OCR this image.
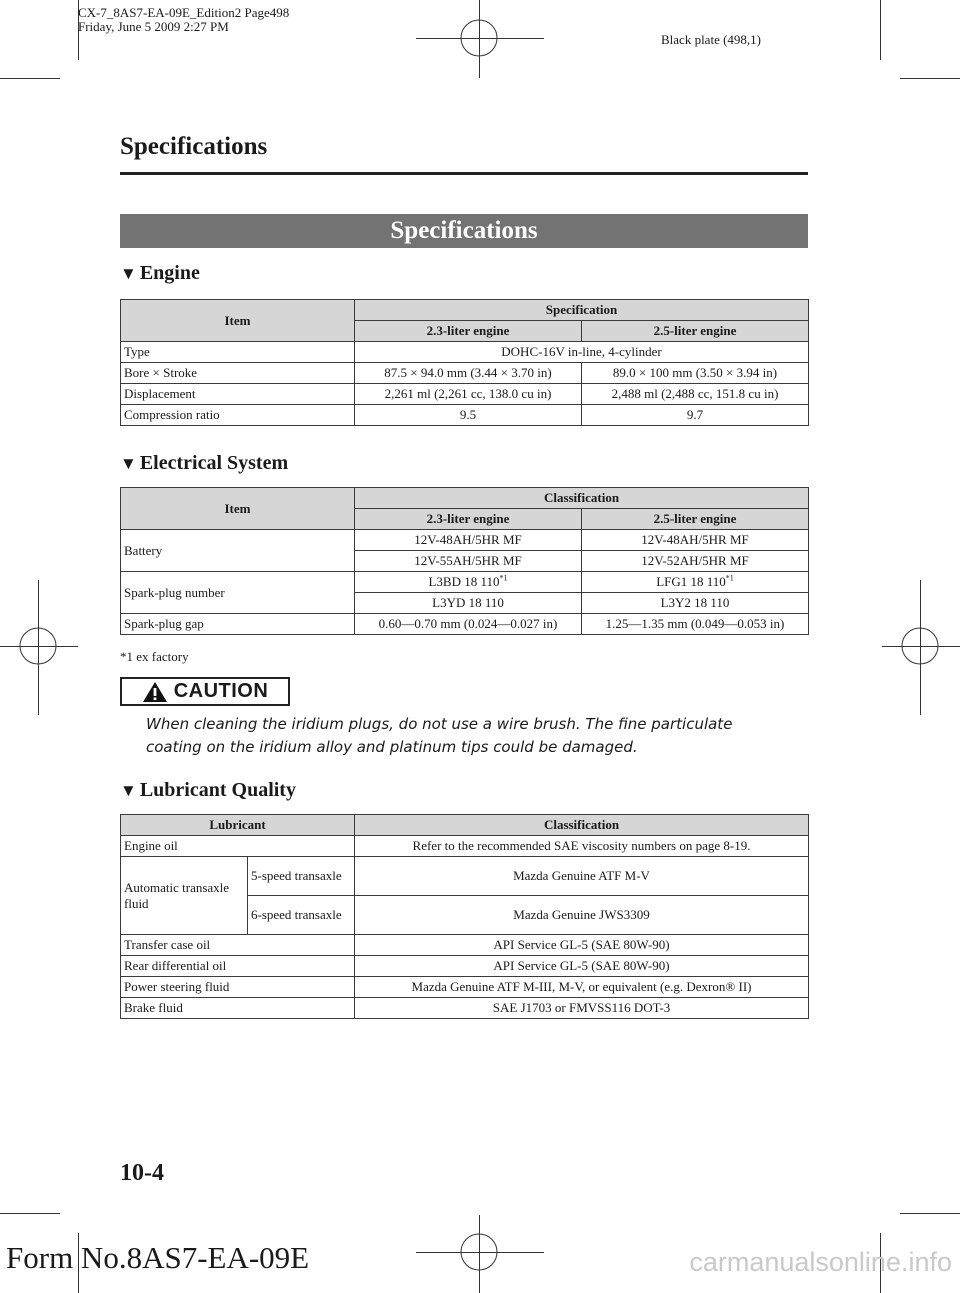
CX-7_8AS7-EA-09E_Edition2 Page498
Friday, June 5 2009 2:27 PM
Black plate (498,1)
Specifications
Specifications
▼ Engine
Item	Specification	
	2.3-liter engine	2.5-liter engine
Type	DOHC-16V in-line, 4-cylinder	
Bore × Stroke	87.5 × 94.0 mm (3.44 × 3.70 in)	89.0 × 100 mm (3.50 × 3.94 in)
Displacement	2,261 ml (2,261 cc, 138.0 cu in)	2,488 ml (2,488 cc, 151.8 cu in)
Compression ratio	9.5	9.7
▼ Electrical System
Item	Classification	
	2.3-liter engine	2.5-liter engine
Battery	12V-48AH/5HR MF	12V-48AH/5HR MF
	12V-55AH/5HR MF	12V-52AH/5HR MF
Spark-plug number	L3BD 18 110$^{*1}$	LFG1 18 110$^{*1}$
	L3YD 18 110	L3Y2 18 110
Spark-plug gap	0.60―0.70 mm (0.024―0.027 in)	1.25―1.35 mm (0.049―0.053 in)
*1 ex factory
CAUTION
When cleaning the iridium plugs, do not use a wire brush. The fine particulate coating on the iridium alloy and platinum tips could be damaged.
▼ Lubricant Quality
Lubricant		Classification
Engine oil		Refer to the recommended SAE viscosity numbers on page 8-19.
Automatic transaxle fluid	5-speed transaxle	Mazda Genuine ATF M-V
	6-speed transaxle	Mazda Genuine JWS3309
Transfer case oil		API Service GL-5 (SAE 80W-90)
Rear differential oil		API Service GL-5 (SAE 80W-90)
Power steering fluid		Mazda Genuine ATF M-III, M-V, or equivalent (e.g. Dexron® II)
Brake fluid		SAE J1703 or FMVSS116 DOT-3
10-4
Form No.8AS7-EA-09E	carmanualsonline.info
